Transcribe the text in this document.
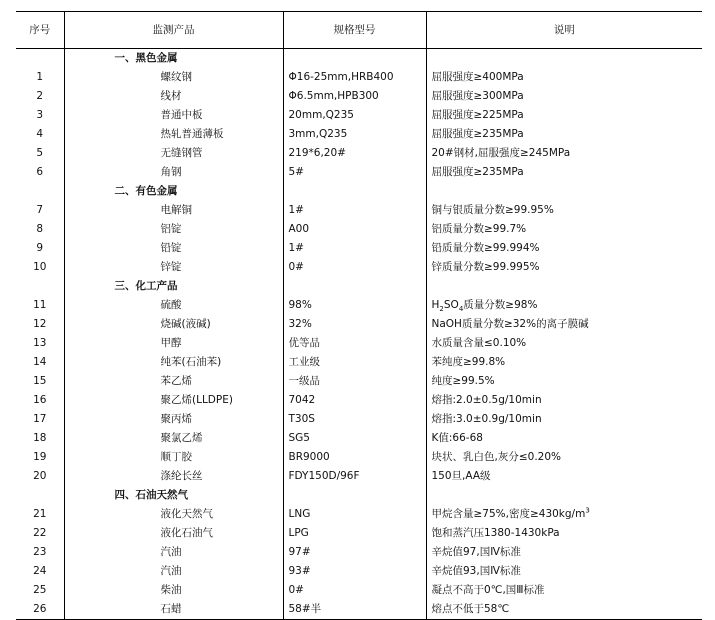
序号	监测产品	规格型号	说明
	一、黑色金属		
1	螺纹钢	Φ16-25mm,HRB400	屈服强度≥400MPa
2	线材	Φ6.5mm,HPB300	屈服强度≥300MPa
3	普通中板	20mm,Q235	屈服强度≥225MPa
4	热轧普通薄板	3mm,Q235	屈服强度≥235MPa
5	无缝钢管	219*6,20#	20#钢材,屈服强度≥245MPa
6	角钢	5#	屈服强度≥235MPa
	二、有色金属		
7	电解铜	1#	铜与银质量分数≥99.95%
8	铝锭	A00	铝质量分数≥99.7%
9	铅锭	1#	铅质量分数≥99.994%
10	锌锭	0#	锌质量分数≥99.995%
	三、化工产品		
11	硫酸	98%	$H_2SO_4$质量分数≥98%
12	烧碱(液碱)	32%	NaOH质量分数≥32%的离子膜碱
13	甲醇	优等品	水质量含量≤0.10%
14	纯苯(石油苯)	工业级	苯纯度≥99.8%
15	苯乙烯	一级品	纯度≥99.5%
16	聚乙烯(LLDPE)	7042	熔指:2.0±0.5g/10min
17	聚丙烯	T30S	熔指:3.0±0.9g/10min
18	聚氯乙烯	SG5	K值:66-68
19	顺丁胶	BR9000	块状、乳白色,灰分≤0.20%
20	涤纶长丝	FDY150D/96F	150旦,AA级
	四、石油天然气		
21	液化天然气	LNG	甲烷含量≥75%,密度$\ge 430kg/m^3$
22	液化石油气	LPG	饱和蒸汽压1380-1430kPa
23	汽油	97#	辛烷值97,国Ⅳ标准
24	汽油	93#	辛烷值93,国Ⅳ标准
25	柴油	0#	凝点不高于0℃,国Ⅲ标准
26	石蜡	58#半	熔点不低于58℃
